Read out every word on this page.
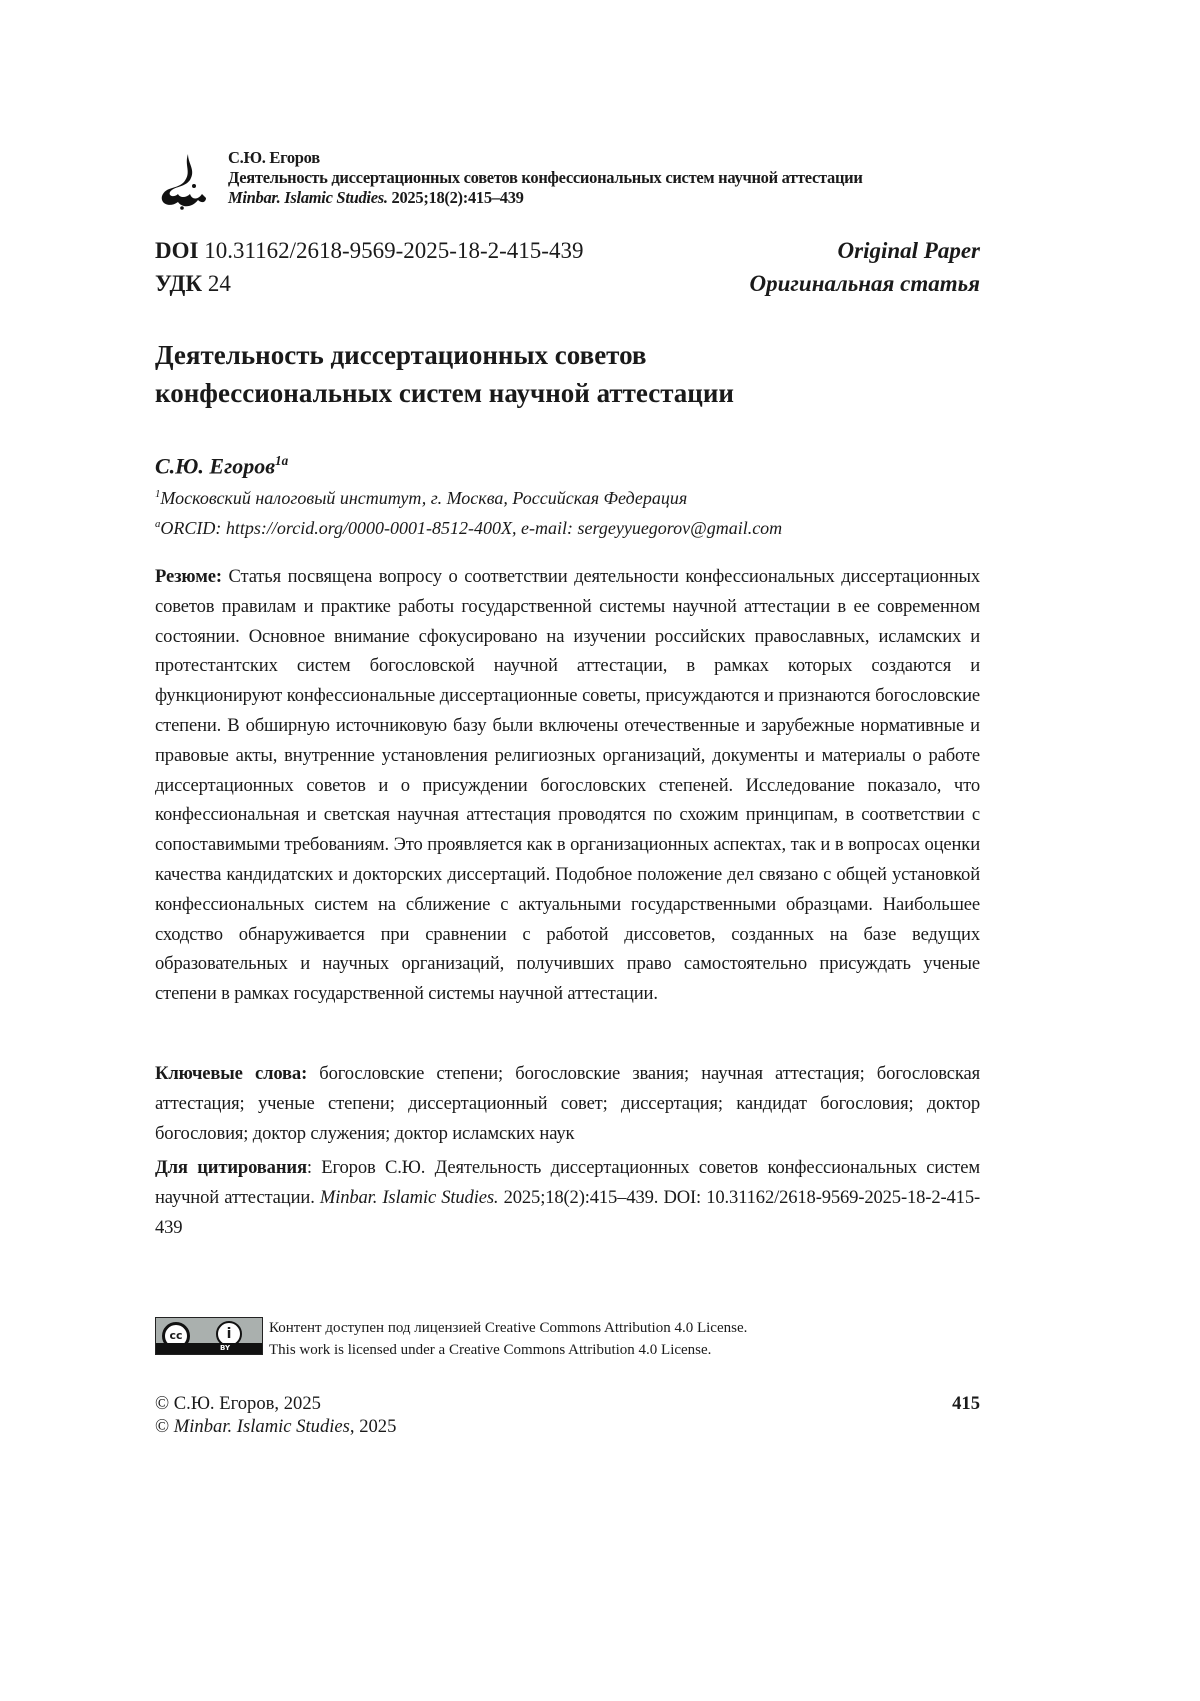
С.Ю. Егоров
Деятельность диссертационных советов конфессиональных систем научной аттестации
Minbar. Islamic Studies. 2025;18(2):415–439
DOI 10.31162/2618-9569-2025-18-2-415-439	Original Paper
УДК 24	Оригинальная статья
Деятельность диссертационных советов
конфессиональных систем научной аттестации
С.Ю. Егоров$^{1a}$
$^1$Московский налоговый институт, г. Москва, Российская Федерация
$^a$ORCID: https://orcid.org/0000-0001-8512-400X, e-mail: sergeyyuegorov@gmail.com
Резюме: Статья посвящена вопросу о соответствии деятельности конфессиональных диссертационных советов правилам и практике работы государственной системы научной аттестации в ее современном состоянии. Основное внимание сфокусировано на изучении российских православных, исламских и протестантских систем богословской научной аттестации, в рамках которых создаются и функционируют конфессиональные диссертационные советы, присуждаются и признаются богословские степени. В обширную источниковую базу были включены отечественные и зарубежные нормативные и правовые акты, внутренние установления религиозных организаций, документы и материалы о работе диссертационных советов и о присуждении богословских степеней. Исследование показало, что конфессиональная и светская научная аттестация проводятся по схожим принципам, в соответствии с сопоставимыми требованиям. Это проявляется как в организационных аспектах, так и в вопросах оценки качества кандидатских и докторских диссертаций. Подобное положение дел связано с общей установкой конфессиональных систем на сближение с актуальными государственными образцами. Наибольшее сходство обнаруживается при сравнении с работой диссоветов, созданных на базе ведущих образовательных и научных организаций, получивших право самостоятельно присуждать ученые степени в рамках государственной системы научной аттестации.
Ключевые слова: богословские степени; богословские звания; научная аттестация; богословская аттестация; ученые степени; диссертационный совет; диссертация; кандидат богословия; доктор богословия; доктор служения; доктор исламских наук
Для цитирования: Егоров С.Ю. Деятельность диссертационных советов конфессиональных систем научной аттестации. Minbar. Islamic Studies. 2025;18(2):415–439. DOI: 10.31162/2618-9569-2025-18-2-415-439
cc	i
BY
Контент доступен под лицензией Creative Commons Attribution 4.0 License.
This work is licensed under a Creative Commons Attribution 4.0 License.
© С.Ю. Егоров, 2025
© Minbar. Islamic Studies, 2025
415
